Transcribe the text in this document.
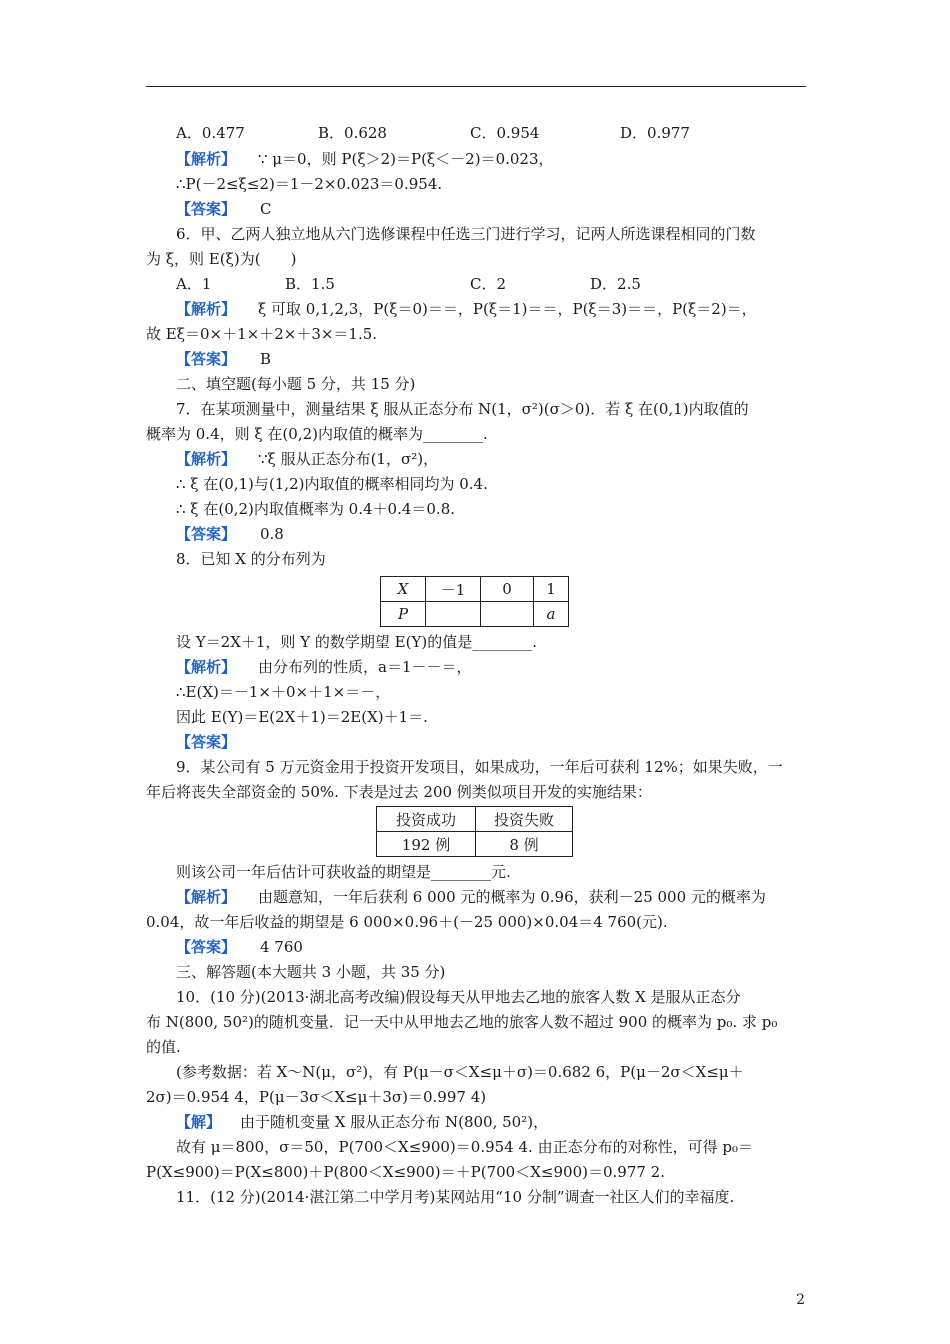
A．0.477	B．0.628	C．0.954	D．0.977
【解析】 ∵ μ＝0，则 P(ξ＞2)＝P(ξ＜－2)＝0.023，
∴P(－2≤ξ≤2)＝1－2×0.023＝0.954.
【答案】 C
6．甲、乙两人独立地从六门选修课程中任选三门进行学习，记两人所选课程相同的门数
为 ξ，则 E(ξ)为(　　)
A．1	B．1.5	C．2	D．2.5
【解析】 ξ 可取 0,1,2,3，P(ξ＝0)＝＝，P(ξ＝1)＝＝，P(ξ＝3)＝＝，P(ξ＝2)＝，
故 Eξ＝0×＋1×＋2×＋3×＝1.5.
【答案】 B
二、填空题(每小题 5 分，共 15 分)
7．在某项测量中，测量结果 ξ 服从正态分布 N(1，σ²)(σ＞0)．若 ξ 在(0,1)内取值的
概率为 0.4，则 ξ 在(0,2)内取值的概率为________.
【解析】 ∵ξ 服从正态分布(1，σ²)，
∴ ξ 在(0,1)与(1,2)内取值的概率相同均为 0.4.
∴ ξ 在(0,2)内取值概率为 0.4＋0.4＝0.8.
【答案】 0.8
8．已知 X 的分布列为
X	－1	0	1
P			a
设 Y＝2X＋1，则 Y 的数学期望 E(Y)的值是________.
【解析】 由分布列的性质，a＝1－－＝，
∴E(X)＝－1×＋0×＋1×＝－，
因此 E(Y)＝E(2X＋1)＝2E(X)＋1＝.
【答案】
9．某公司有 5 万元资金用于投资开发项目，如果成功，一年后可获利 12%；如果失败，一
年后将丧失全部资金的 50%. 下表是过去 200 例类似项目开发的实施结果：
投资成功	投资失败
192 例	8 例
则该公司一年后估计可获收益的期望是________元.
【解析】 由题意知，一年后获利 6 000 元的概率为 0.96，获利－25 000 元的概率为
0.04，故一年后收益的期望是 6 000×0.96＋(－25 000)×0.04＝4 760(元).
【答案】 4 760
三、解答题(本大题共 3 小题，共 35 分)
10．(10 分)(2013·湖北高考改编)假设每天从甲地去乙地的旅客人数 X 是服从正态分
布 N(800, 50²)的随机变量．记一天中从甲地去乙地的旅客人数不超过 900 的概率为 p₀. 求 p₀
的值.
(参考数据：若 X～N(μ，σ²)，有 P(μ－σ＜X≤μ＋σ)＝0.682 6，P(μ－2σ＜X≤μ＋
2σ)＝0.954 4，P(μ－3σ＜X≤μ＋3σ)＝0.997 4)
【解】 由于随机变量 X 服从正态分布 N(800, 50²)，
故有 μ＝800，σ＝50，P(700＜X≤900)＝0.954 4. 由正态分布的对称性，可得 p₀＝
P(X≤900)＝P(X≤800)＋P(800＜X≤900)＝＋P(700＜X≤900)＝0.977 2.
11．(12 分)(2014·湛江第二中学月考)某网站用“10 分制”调查一社区人们的幸福度.
2
